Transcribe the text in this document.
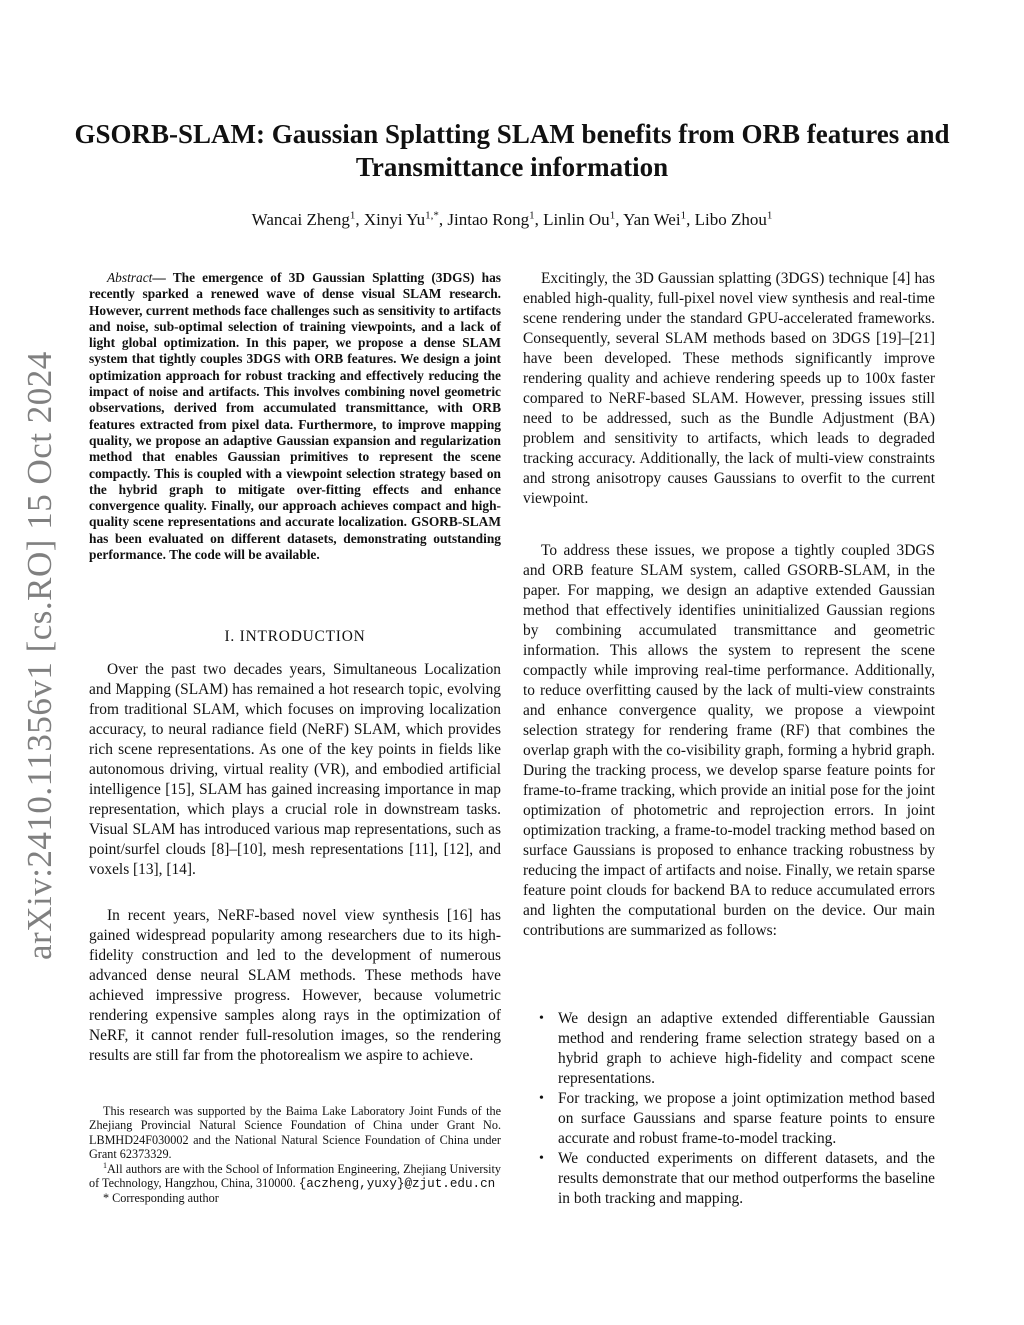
arXiv:2410.11356v1 [cs.RO] 15 Oct 2024
GSORB-SLAM: Gaussian Splatting SLAM benefits from ORB features and Transmittance information
Wancai Zheng$^1$, Xinyi $Yu^{1,*}$, Jintao Rong$^1$, Linlin Ou$^1$, Yan Wei$^1$, Libo Zhou$^1$
Abstract— The emergence of 3D Gaussian Splatting (3DGS) has recently sparked a renewed wave of dense visual SLAM research. However, current methods face challenges such as sensitivity to artifacts and noise, sub-optimal selection of training viewpoints, and a lack of light global optimization. In this paper, we propose a dense SLAM system that tightly couples 3DGS with ORB features. We design a joint optimization approach for robust tracking and effectively reducing the impact of noise and artifacts. This involves combining novel geometric observations, derived from accumulated transmittance, with ORB features extracted from pixel data. Furthermore, to improve mapping quality, we propose an adaptive Gaussian expansion and regularization method that enables Gaussian primitives to represent the scene compactly. This is coupled with a viewpoint selection strategy based on the hybrid graph to mitigate over-fitting effects and enhance convergence quality. Finally, our approach achieves compact and high-quality scene representations and accurate localization. GSORB-SLAM has been evaluated on different datasets, demonstrating outstanding performance. The code will be available.
I. INTRODUCTION

Over the past two decades years, Simultaneous Localization and Mapping (SLAM) has remained a hot research topic, evolving from traditional SLAM, which focuses on improving localization accuracy, to neural radiance field (NeRF) SLAM, which provides rich scene representations. As one of the key points in fields like autonomous driving, virtual reality (VR), and embodied artificial intelligence [15], SLAM has gained increasing importance in map representation, which plays a crucial role in downstream tasks. Visual SLAM has introduced various map representations, such as point/surfel clouds [8]–[10], mesh representations [11], [12], and voxels [13], [14].

In recent years, NeRF-based novel view synthesis [16] has gained widespread popularity among researchers due to its high-fidelity construction and led to the development of numerous advanced dense neural SLAM methods. These methods have achieved impressive progress. However, because volumetric rendering expensive samples along rays in the optimization of NeRF, it cannot render full-resolution images, so the rendering results are still far from the photorealism we aspire to achieve.

This research was supported by the Baima Lake Laboratory Joint Funds of the Zhejiang Provincial Natural Science Foundation of China under Grant No. LBMHD24F030002 and the National Natural Science Foundation of China under Grant 62373329.

$^1$All authors are with the School of Information Engineering, Zhejiang University of Technology, Hangzhou, China, 310000. {aczheng,yuxy}@zjut.edu.cn

* Corresponding author

Excitingly, the 3D Gaussian splatting (3DGS) technique [4] has enabled high-quality, full-pixel novel view synthesis and real-time scene rendering under the standard GPU-accelerated frameworks. Consequently, several SLAM methods based on 3DGS [19]–[21] have been developed. These methods significantly improve rendering quality and achieve rendering speeds up to 100x faster compared to NeRF-based SLAM. However, pressing issues still need to be addressed, such as the Bundle Adjustment (BA) problem and sensitivity to artifacts, which leads to degraded tracking accuracy. Additionally, the lack of multi-view constraints and strong anisotropy causes Gaussians to overfit to the current viewpoint.

To address these issues, we propose a tightly coupled 3DGS and ORB feature SLAM system, called GSORB-SLAM, in the paper. For mapping, we design an adaptive extended Gaussian method that effectively identifies uninitialized Gaussian regions by combining accumulated transmittance and geometric information. This allows the system to represent the scene compactly while improving real-time performance. Additionally, to reduce overfitting caused by the lack of multi-view constraints and enhance convergence quality, we propose a viewpoint selection strategy for rendering frame (RF) that combines the overlap graph with the co-visibility graph, forming a hybrid graph. During the tracking process, we develop sparse feature points for frame-to-frame tracking, which provide an initial pose for the joint optimization of photometric and reprojection errors. In joint optimization tracking, a frame-to-model tracking method based on surface Gaussians is proposed to enhance tracking robustness by reducing the impact of artifacts and noise. Finally, we retain sparse feature point clouds for backend BA to reduce accumulated errors and lighten the computational burden on the device. Our main contributions are summarized as follows:

• We design an adaptive extended differentiable Gaussian method and rendering frame selection strategy based on a hybrid graph to achieve high-fidelity and compact scene representations.
• For tracking, we propose a joint optimization method based on surface Gaussians and sparse feature points to ensure accurate and robust frame-to-model tracking.
• We conducted experiments on different datasets, and the results demonstrate that our method outperforms the baseline in both tracking and mapping.
